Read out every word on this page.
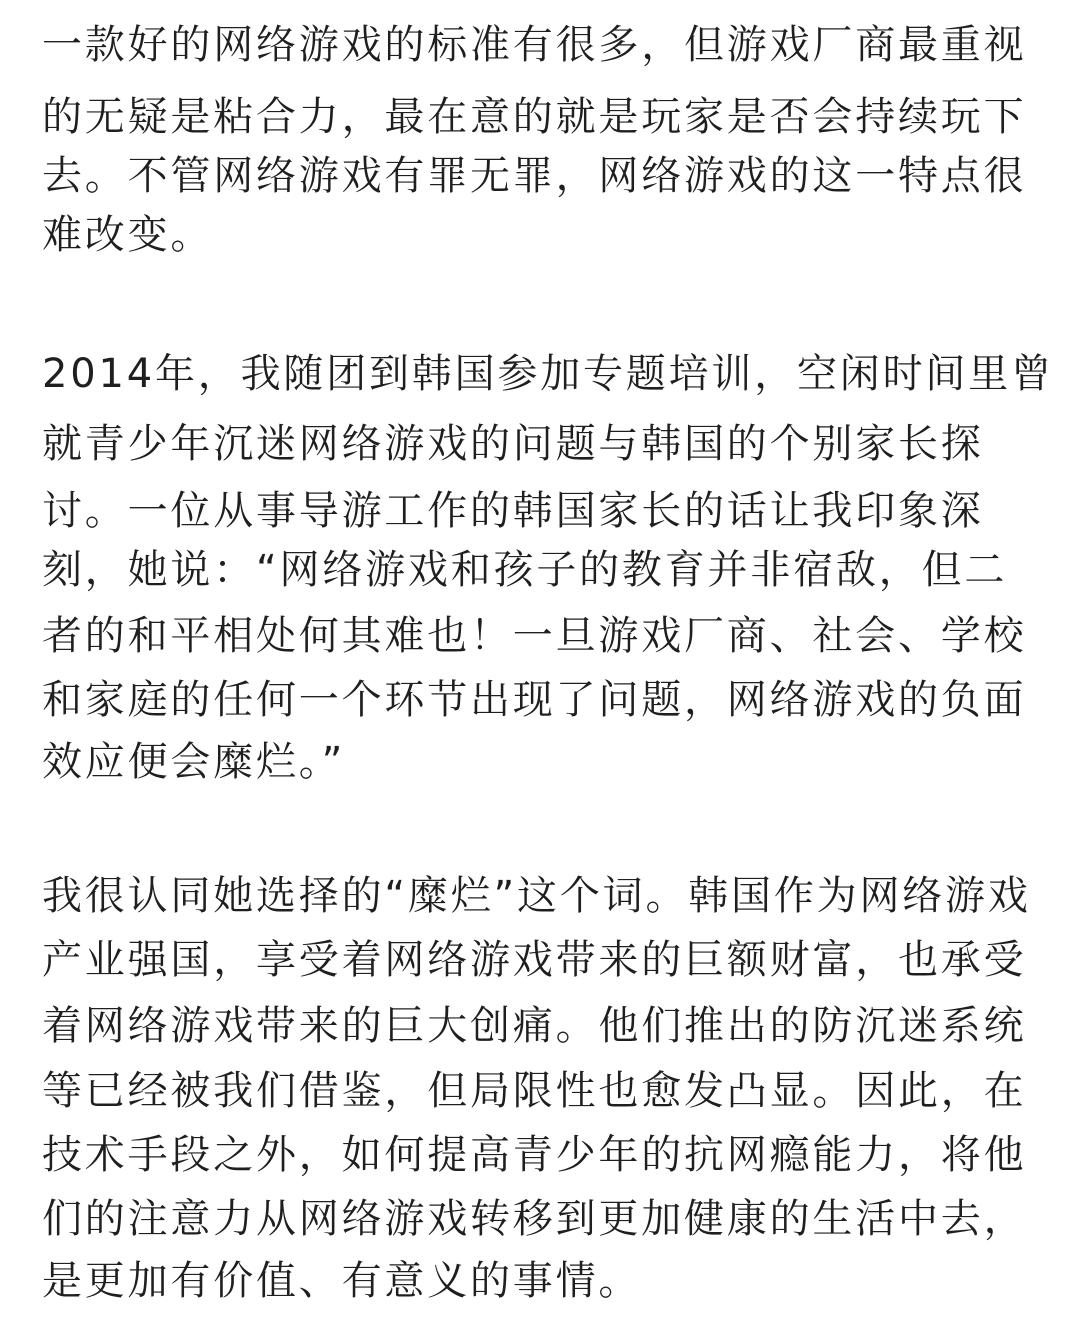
一款好的网络游戏的标准有很多，但游戏厂商最重视
的无疑是粘合力，最在意的就是玩家是否会持续玩下
去。不管网络游戏有罪无罪，网络游戏的这一特点很
难改变。
2014年，我随团到韩国参加专题培训，空闲时间里曾
就青少年沉迷网络游戏的问题与韩国的个别家长探
讨。一位从事导游工作的韩国家长的话让我印象深
刻，她说：“网络游戏和孩子的教育并非宿敌，但二
者的和平相处何其难也！一旦游戏厂商、社会、学校
和家庭的任何一个环节出现了问题，网络游戏的负面
效应便会糜烂。”
我很认同她选择的“糜烂”这个词。韩国作为网络游戏
产业强国，享受着网络游戏带来的巨额财富，也承受
着网络游戏带来的巨大创痛。他们推出的防沉迷系统
等已经被我们借鉴，但局限性也愈发凸显。因此，在
技术手段之外，如何提高青少年的抗网瘾能力，将他
们的注意力从网络游戏转移到更加健康的生活中去，
是更加有价值、有意义的事情。
